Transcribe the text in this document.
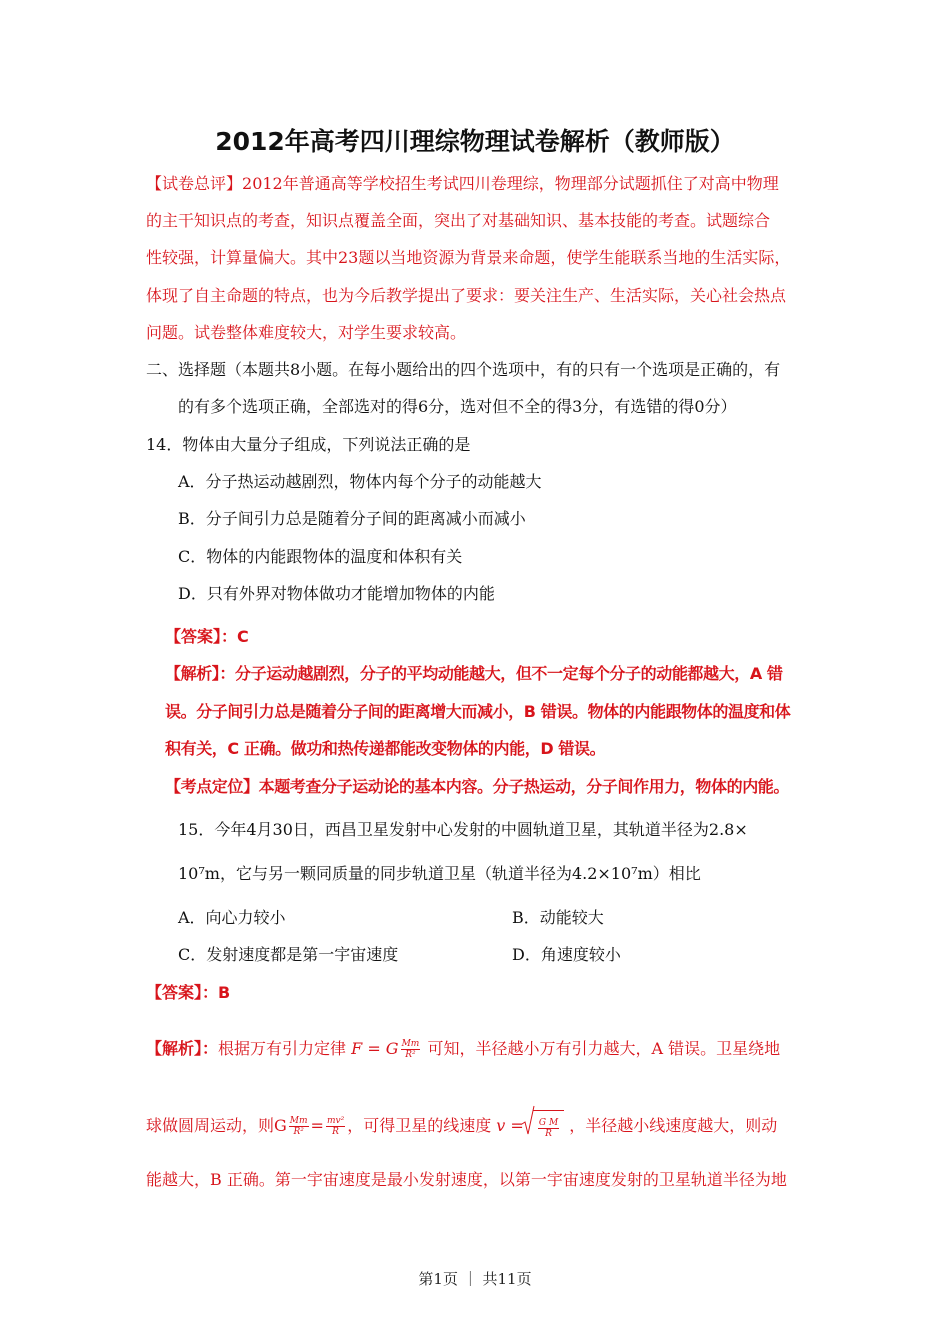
2012年高考四川理综物理试卷解析（教师版）
【试卷总评】2012年普通高等学校招生考试四川卷理综，物理部分试题抓住了对高中物理
的主干知识点的考查，知识点覆盖全面，突出了对基础知识、基本技能的考查。试题综合
性较强，计算量偏大。其中23题以当地资源为背景来命题，使学生能联系当地的生活实际，
体现了自主命题的特点，也为今后教学提出了要求：要关注生产、生活实际，关心社会热点
问题。试卷整体难度较大，对学生要求较高。
二、选择题（本题共8小题。在每小题给出的四个选项中，有的只有一个选项是正确的，有
的有多个选项正确，全部选对的得6分，选对但不全的得3分，有选错的得0分）
14．物体由大量分子组成，下列说法正确的是
A．分子热运动越剧烈，物体内每个分子的动能越大
B．分子间引力总是随着分子间的距离减小而减小
C．物体的内能跟物体的温度和体积有关
D．只有外界对物体做功才能增加物体的内能
【答案】：C
【解析】：分子运动越剧烈，分子的平均动能越大，但不一定每个分子的动能都越大，A 错
误。分子间引力总是随着分子间的距离增大而减小，B 错误。物体的内能跟物体的温度和体
积有关，C 正确。做功和热传递都能改变物体的内能，D 错误。
【考点定位】本题考查分子运动论的基本内容。分子热运动，分子间作用力，物体的内能。
15．今年4月30日，西昌卫星发射中心发射的中圆轨道卫星，其轨道半径为2.8×
10⁷m，它与另一颗同质量的同步轨道卫星（轨道半径为4.2×10⁷m）相比
A．向心力较小	B．动能较大
C．发射速度都是第一宇宙速度	D．角速度较小
【答案】：B
【解析】：根据万有引力定律 F = G $\frac{Mm}{\text{R²}}$ 可知，半径越小万有引力越大，A 错误。卫星绕地
球做圆周运动，则G $\frac{Mm}{\text{R²}} = \frac{\text{mv²}}{R}$ ，可得卫星的线速度 $v = \frac{\text{G M}}{R}$ ，半径越小线速度越大，则动
能越大，B 正确。第一宇宙速度是最小发射速度，以第一宇宙速度发射的卫星轨道半径为地
第1页 ｜ 共11页
